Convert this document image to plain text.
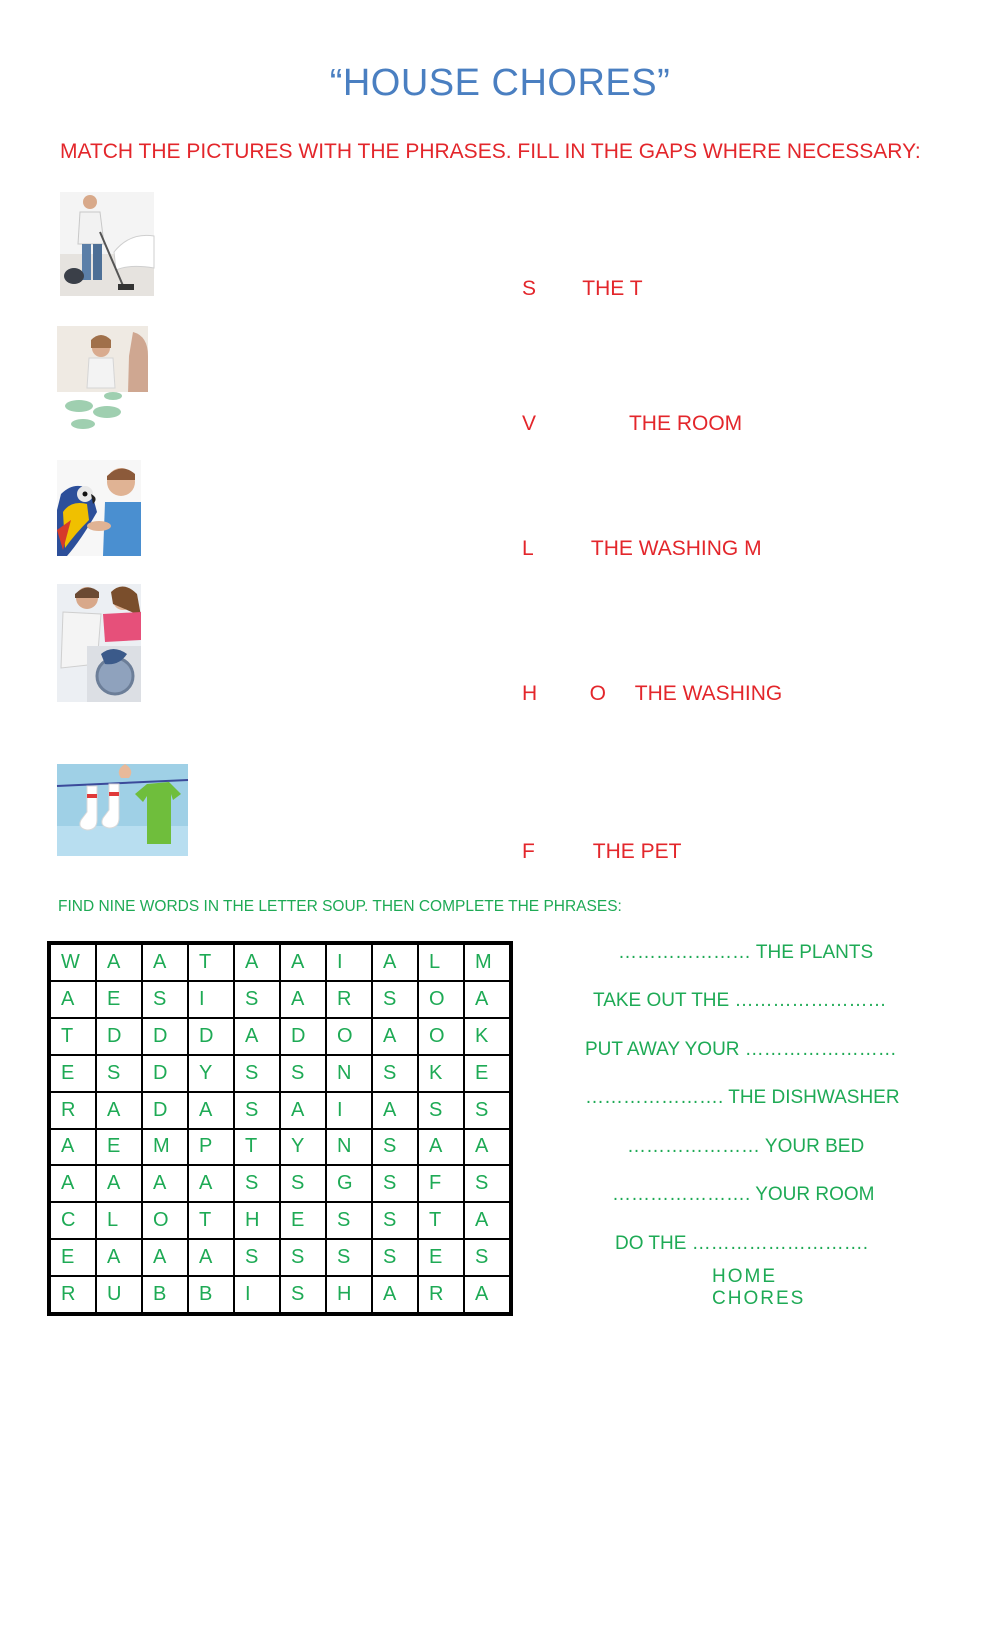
“HOUSE CHORES”
MATCH THE PICTURES WITH THE PHRASES. FILL IN THE GAPS WHERE NECESSARY:
S        THE T
V                THE ROOM
L          THE WASHING M
H         O     THE WASHING
F          THE PET
FIND NINE WORDS IN THE LETTER SOUP. THEN COMPLETE THE PHRASES:
W	A	A	T	A	A	I	A	L	M
A	E	S	I	S	A	R	S	O	A
T	D	D	D	A	D	O	A	O	K
E	S	D	Y	S	S	N	S	K	E
R	A	D	A	S	A	I	A	S	S
A	E	M	P	T	Y	N	S	A	A
A	A	A	A	S	S	G	S	F	S
C	L	O	T	H	E	S	S	T	A
E	A	A	A	S	S	S	S	E	S
R	U	B	B	I	S	H	A	R	A
………………… THE PLANTS
TAKE OUT THE ……………………
PUT AWAY YOUR ……………………
…………………. THE DISHWASHER
………………… YOUR BED
…………………. YOUR ROOM
DO THE ……………………….
HOME CHORES
